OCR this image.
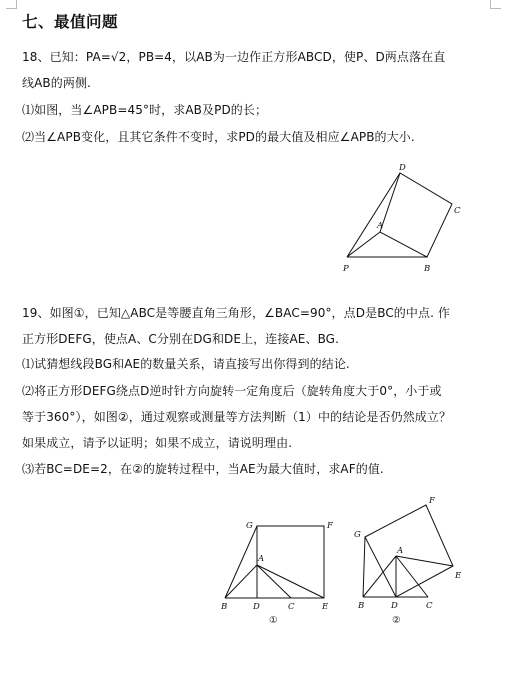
七、最值问题
18、已知：PA=√2，PB=4，以AB为一边作正方形ABCD，使P、D两点落在直
线AB的两侧.
⑴如图，当∠APB=45°时，求AB及PD的长；
⑵当∠APB变化，且其它条件不变时，求PD的最大值及相应∠APB的大小.
D
C
A
P	B
19、如图①，已知△ABC是等腰直角三角形，∠BAC=90°，点D是BC的中点. 作
正方形DEFG，使点A、C分别在DG和DE上，连接AE、BG.
⑴试猜想线段BG和AE的数量关系，请直接写出你得到的结论.
⑵将正方形DEFG绕点D逆时针方向旋转一定角度后（旋转角度大于0°，小于或
等于360°），如图②，通过观察或测量等方法判断（1）中的结论是否仍然成立？
如果成立，请予以证明；如果不成立，请说明理由.
⑶若BC=DE=2，在②的旋转过程中，当AE为最大值时，求AF的值.
G	F
A
B	D	C	E
①
G
F
A
E
B	D	C
②
